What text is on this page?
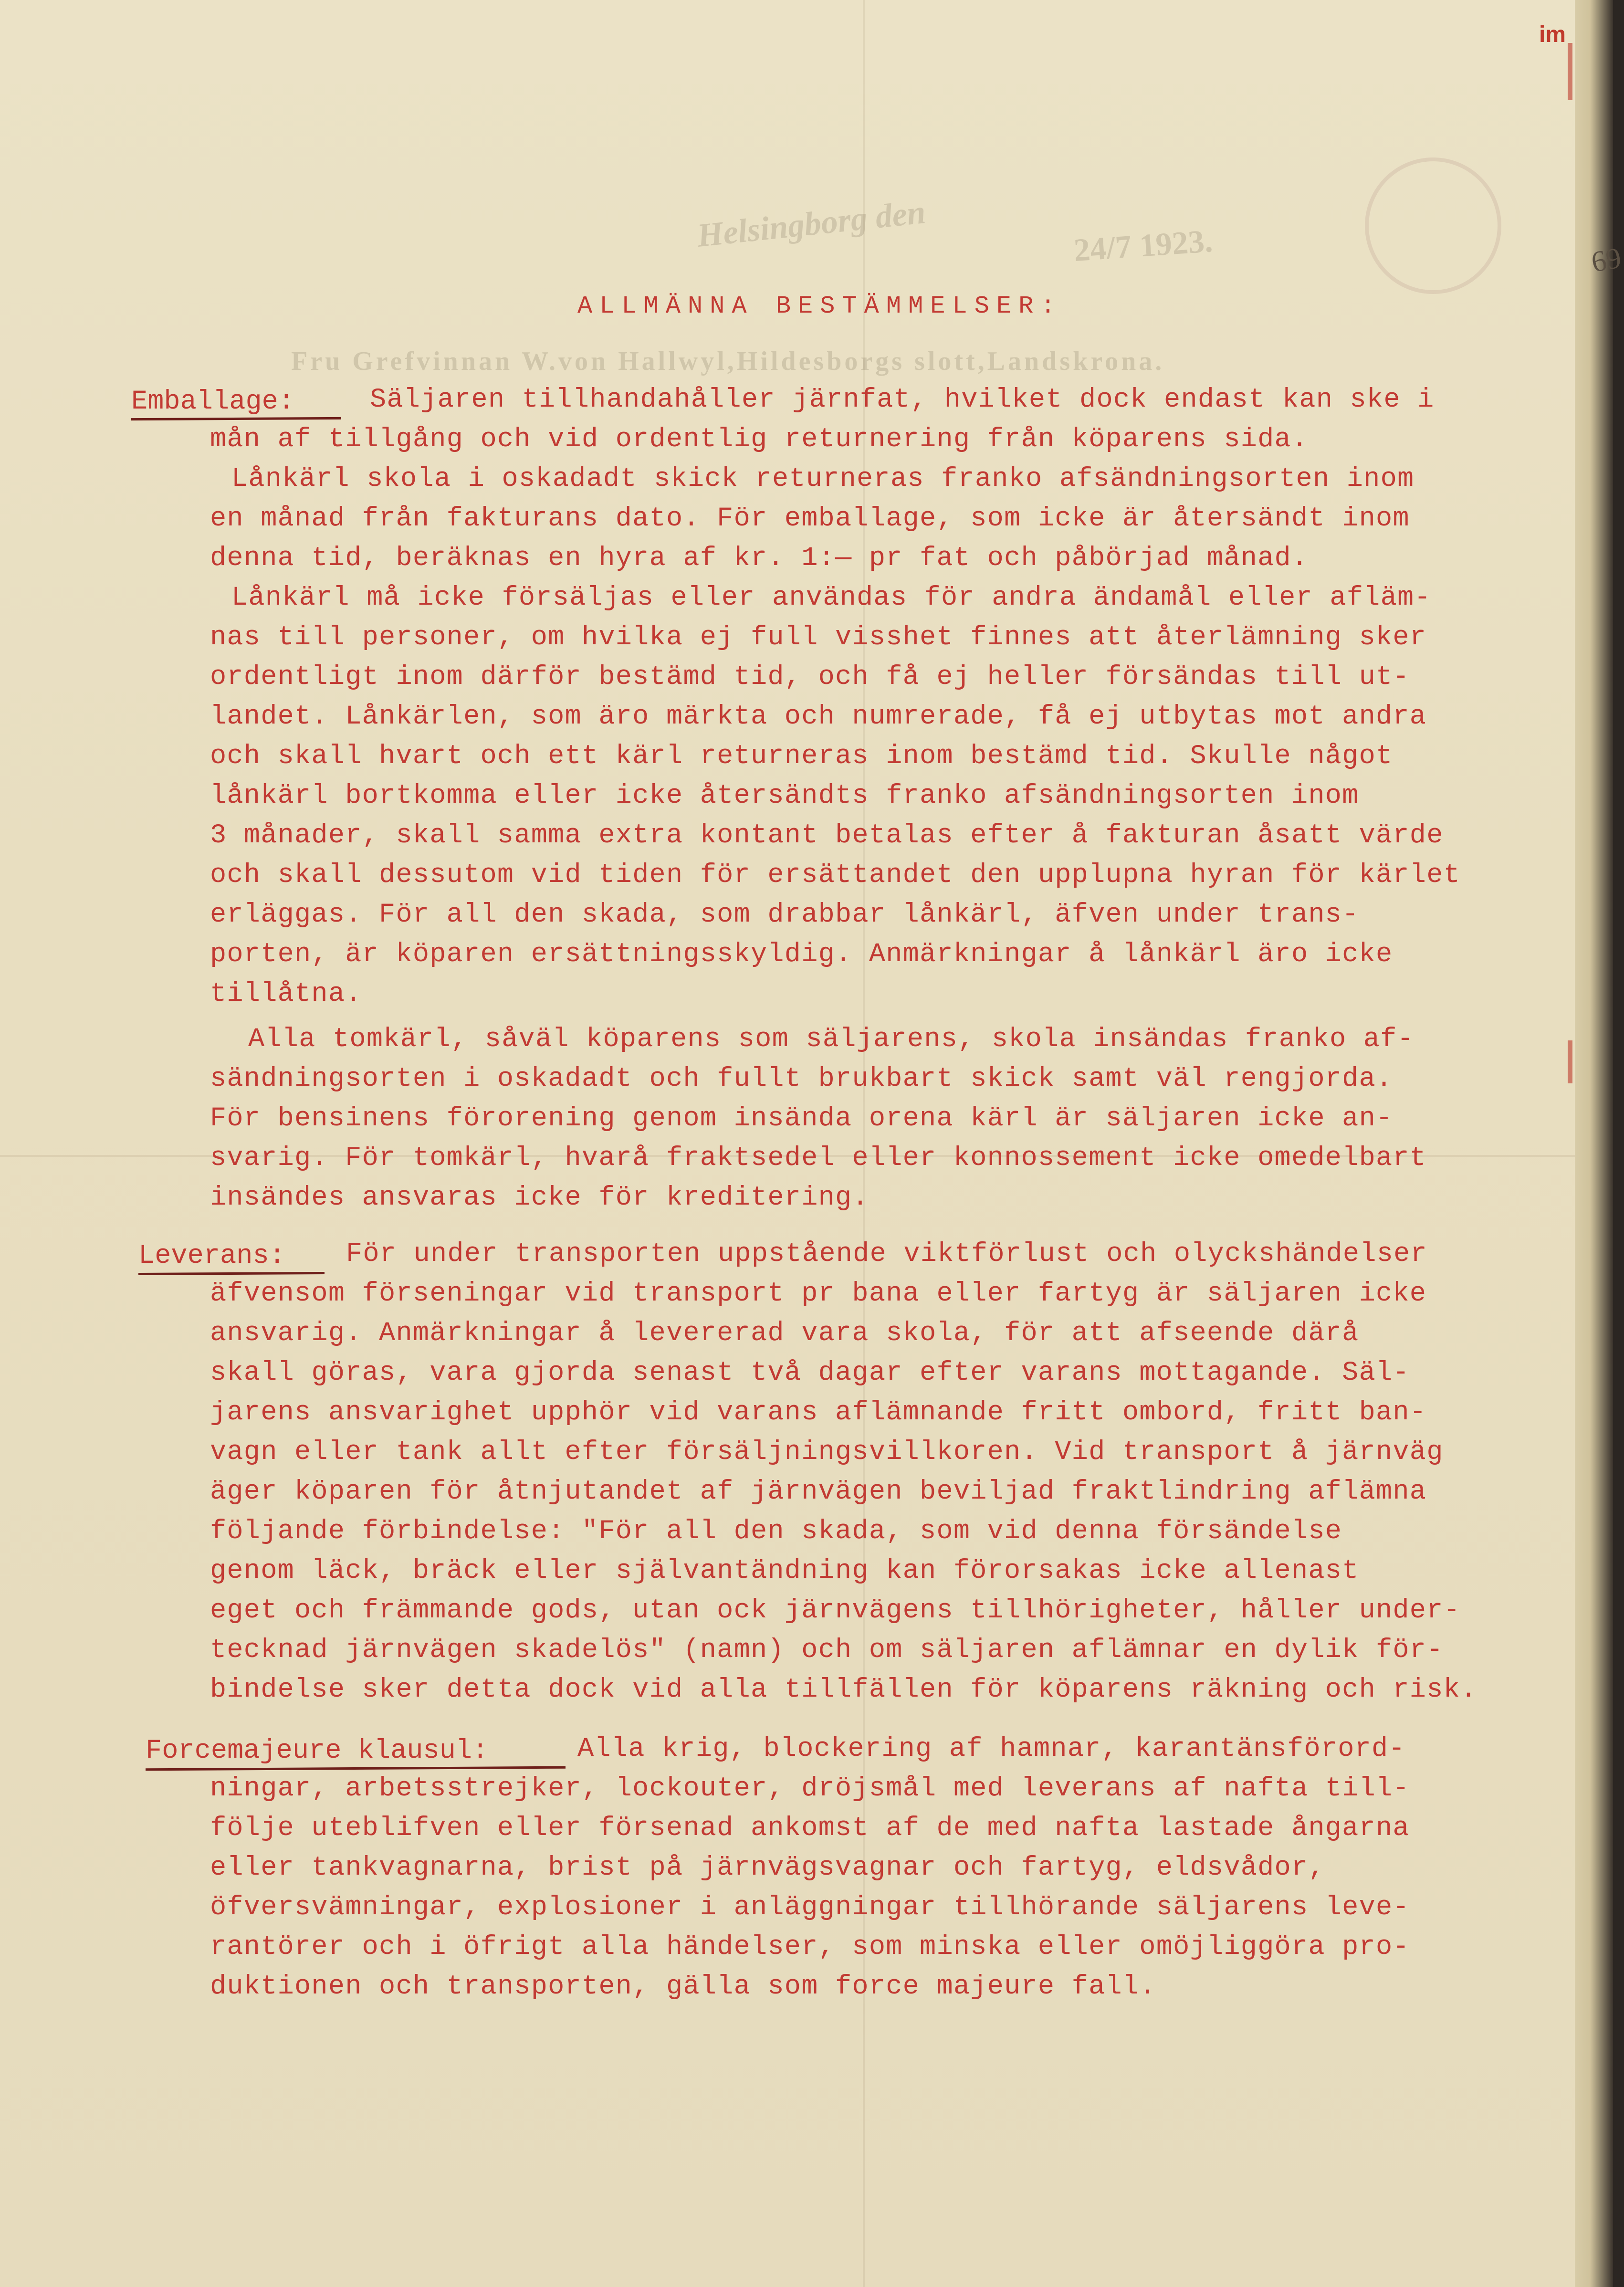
Helsingborg den	24/7 1923.
Fru Grefvinnan W.von Hallwyl,Hildesborgs slott,Landskrona.
ALLMÄNNA BESTÄMMELSER:
Emballage:	Säljaren tillhandahåller järnfat, hvilket dock endast kan ske i
mån af tillgång och vid ordentlig returnering från köparens sida.
Lånkärl skola i oskadadt skick returneras franko afsändningsorten inom
en månad från fakturans dato. För emballage, som icke är återsändt inom
denna tid, beräknas en hyra af kr. 1:— pr fat och påbörjad månad.
Lånkärl må icke försäljas eller användas för andra ändamål eller afläm-
nas till personer, om hvilka ej full visshet finnes att återlämning sker
ordentligt inom därför bestämd tid, och få ej heller försändas till ut-
landet. Lånkärlen, som äro märkta och numrerade, få ej utbytas mot andra
och skall hvart och ett kärl returneras inom bestämd tid. Skulle något
lånkärl bortkomma eller icke återsändts franko afsändningsorten inom
3 månader, skall samma extra kontant betalas efter å fakturan åsatt värde
och skall dessutom vid tiden för ersättandet den upplupna hyran för kärlet
erläggas. För all den skada, som drabbar lånkärl, äfven under trans-
porten, är köparen ersättningsskyldig. Anmärkningar å lånkärl äro icke
tillåtna.
Alla tomkärl, såväl köparens som säljarens, skola insändas franko af-
sändningsorten i oskadadt och fullt brukbart skick samt väl rengjorda.
För bensinens förorening genom insända orena kärl är säljaren icke an-
svarig. För tomkärl, hvarå fraktsedel eller konnossement icke omedelbart
insändes ansvaras icke för kreditering.
Leverans: För under transporten uppstående viktförlust och olyckshändelser
äfvensom förseningar vid transport pr bana eller fartyg är säljaren icke
ansvarig. Anmärkningar å levererad vara skola, för att afseende därå
skall göras, vara gjorda senast två dagar efter varans mottagande. Säl-
jarens ansvarighet upphör vid varans aflämnande fritt ombord, fritt ban-
vagn eller tank allt efter försäljningsvillkoren. Vid transport å järnväg
äger köparen för åtnjutandet af järnvägen beviljad fraktlindring aflämna
följande förbindelse: "För all den skada, som vid denna försändelse
genom läck, bräck eller självantändning kan förorsakas icke allenast
eget och främmande gods, utan ock järnvägens tillhörigheter, håller under-
tecknad järnvägen skadelös" (namn) och om säljaren aflämnar en dylik för-
bindelse sker detta dock vid alla tillfällen för köparens räkning och risk.
Forcemajeure klausul:	Alla krig, blockering af hamnar, karantänsförord-
ningar, arbetsstrejker, lockouter, dröjsmål med leverans af nafta till-
följe uteblifven eller försenad ankomst af de med nafta lastade ångarna
eller tankvagnarna, brist på järnvägsvagnar och fartyg, eldsvådor,
öfversvämningar, explosioner i anläggningar tillhörande säljarens leve-
rantörer och i öfrigt alla händelser, som minska eller omöjliggöra pro-
duktionen och transporten, gälla som force majeure fall.
im
69
